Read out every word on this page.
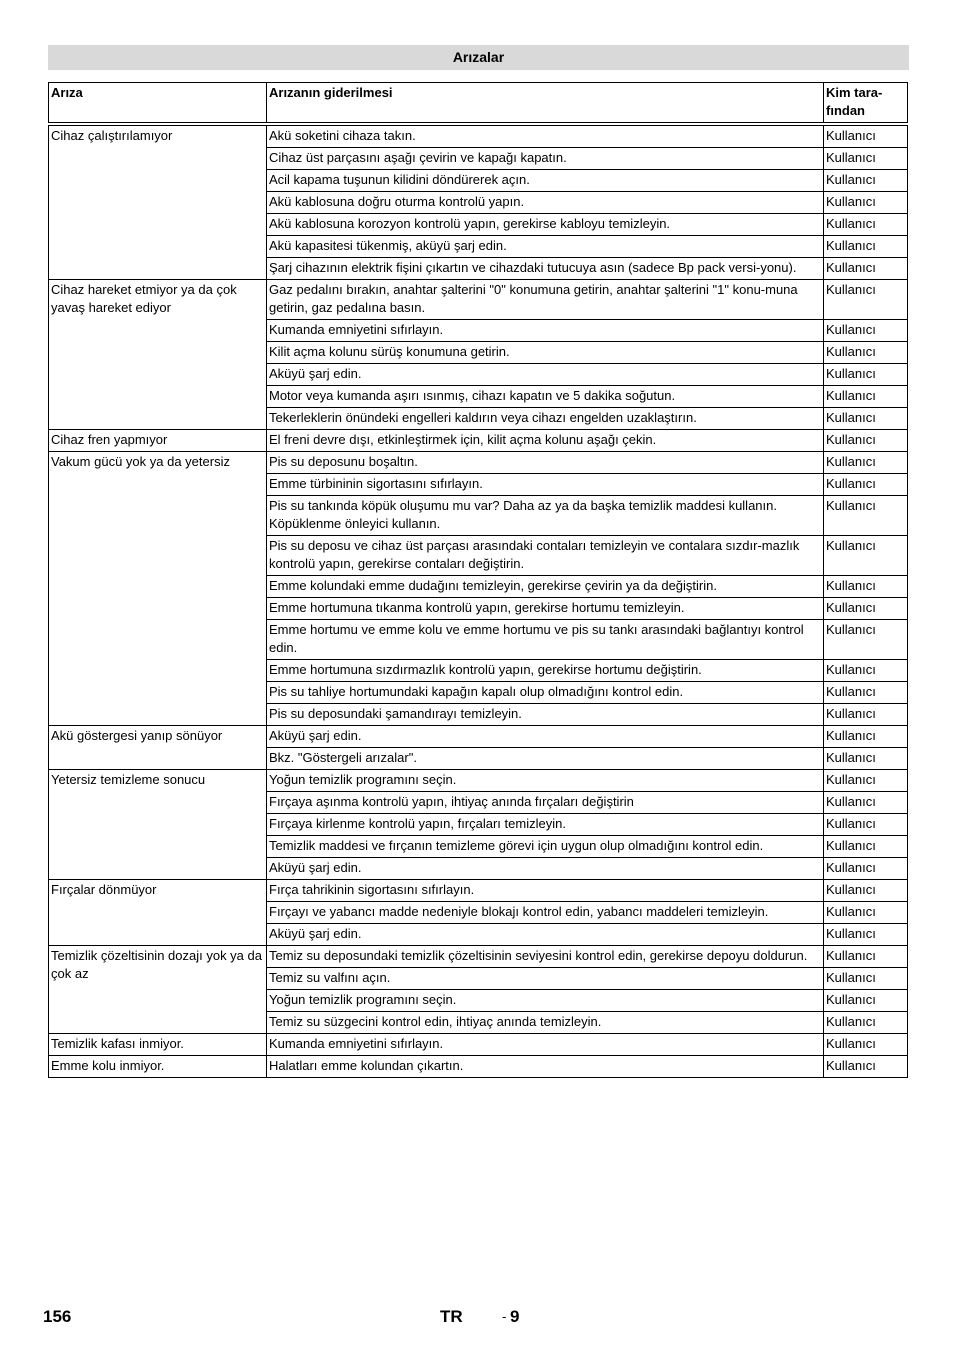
Arızalar
Arıza	Arızanın giderilmesi	Kim tara-fından
Cihaz çalıştırılamıyor	Akü soketini cihaza takın.	Kullanıcı
	Cihaz üst parçasını aşağı çevirin ve kapağı kapatın.	Kullanıcı
	Acil kapama tuşunun kilidini döndürerek açın.	Kullanıcı
	Akü kablosuna doğru oturma kontrolü yapın.	Kullanıcı
	Akü kablosuna korozyon kontrolü yapın, gerekirse kabloyu temizleyin.	Kullanıcı
	Akü kapasitesi tükenmiş, aküyü şarj edin.	Kullanıcı
	Şarj cihazının elektrik fişini çıkartın ve cihazdaki tutucuya asın (sadece Bp pack versi-yonu).	Kullanıcı
Cihaz hareket etmiyor ya da çok yavaş hareket ediyor	Gaz pedalını bırakın, anahtar şalterini "0" konumuna getirin, anahtar şalterini "1" konu-muna getirin, gaz pedalına basın.	Kullanıcı
	Kumanda emniyetini sıfırlayın.	Kullanıcı
	Kilit açma kolunu sürüş konumuna getirin.	Kullanıcı
	Aküyü şarj edin.	Kullanıcı
	Motor veya kumanda aşırı ısınmış, cihazı kapatın ve 5 dakika soğutun.	Kullanıcı
	Tekerleklerin önündeki engelleri kaldırın veya cihazı engelden uzaklaştırın.	Kullanıcı
Cihaz fren yapmıyor	El freni devre dışı, etkinleştirmek için, kilit açma kolunu aşağı çekin.	Kullanıcı
Vakum gücü yok ya da yetersiz	Pis su deposunu boşaltın.	Kullanıcı
	Emme türbininin sigortasını sıfırlayın.	Kullanıcı
	Pis su tankında köpük oluşumu mu var? Daha az ya da başka temizlik maddesi kullanın. Köpüklenme önleyici kullanın.	Kullanıcı
	Pis su deposu ve cihaz üst parçası arasındaki contaları temizleyin ve contalara sızdır-mazlık kontrolü yapın, gerekirse contaları değiştirin.	Kullanıcı
	Emme kolundaki emme dudağını temizleyin, gerekirse çevirin ya da değiştirin.	Kullanıcı
	Emme hortumuna tıkanma kontrolü yapın, gerekirse hortumu temizleyin.	Kullanıcı
	Emme hortumu ve emme kolu ve emme hortumu ve pis su tankı arasındaki bağlantıyı kontrol edin.	Kullanıcı
	Emme hortumuna sızdırmazlık kontrolü yapın, gerekirse hortumu değiştirin.	Kullanıcı
	Pis su tahliye hortumundaki kapağın kapalı olup olmadığını kontrol edin.	Kullanıcı
	Pis su deposundaki şamandırayı temizleyin.	Kullanıcı
Akü göstergesi yanıp sönüyor	Aküyü şarj edin.	Kullanıcı
	Bkz. "Göstergeli arızalar".	Kullanıcı
Yetersiz temizleme sonucu	Yoğun temizlik programını seçin.	Kullanıcı
	Fırçaya aşınma kontrolü yapın, ihtiyaç anında fırçaları değiştirin	Kullanıcı
	Fırçaya kirlenme kontrolü yapın, fırçaları temizleyin.	Kullanıcı
	Temizlik maddesi ve fırçanın temizleme görevi için uygun olup olmadığını kontrol edin.	Kullanıcı
	Aküyü şarj edin.	Kullanıcı
Fırçalar dönmüyor	Fırça tahrikinin sigortasını sıfırlayın.	Kullanıcı
	Fırçayı ve yabancı madde nedeniyle blokajı kontrol edin, yabancı maddeleri temizleyin.	Kullanıcı
	Aküyü şarj edin.	Kullanıcı
Temizlik çözeltisinin dozajı yok ya da çok az	Temiz su deposundaki temizlik çözeltisinin seviyesini kontrol edin, gerekirse depoyu doldurun.	Kullanıcı
	Temiz su valfını açın.	Kullanıcı
	Yoğun temizlik programını seçin.	Kullanıcı
	Temiz su süzgecini kontrol edin, ihtiyaç anında temizleyin.	Kullanıcı
Temizlik kafası inmiyor.	Kumanda emniyetini sıfırlayın.	Kullanıcı
Emme kolu inmiyor.	Halatları emme kolundan çıkartın.	Kullanıcı
156	TR	- 9
